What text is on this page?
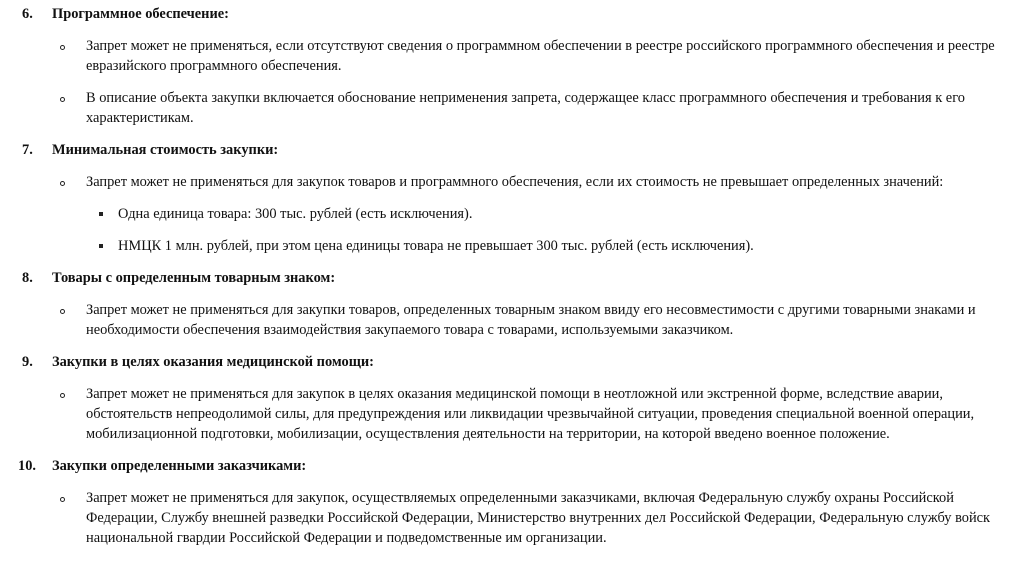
6.	Программное обеспечение:
Запрет может не применяться, если отсутствуют сведения о программном обеспечении в реестре российского программного обеспечения и реестре евразийского программного обеспечения.
В описание объекта закупки включается обоснование неприменения запрета, содержащее класс программного обеспечения и требования к его характеристикам.
7.	Минимальная стоимость закупки:
Запрет может не применяться для закупок товаров и программного обеспечения, если их стоимость не превышает определенных значений:
Одна единица товара: 300 тыс. рублей (есть исключения).
НМЦК 1 млн. рублей, при этом цена единицы товара не превышает 300 тыс. рублей (есть исключения).
8.	Товары с определенным товарным знаком:
Запрет может не применяться для закупки товаров, определенных товарным знаком ввиду его несовместимости с другими товарными знаками и необходимости обеспечения взаимодействия закупаемого товара с товарами, используемыми заказчиком.
9.	Закупки в целях оказания медицинской помощи:
Запрет может не применяться для закупок в целях оказания медицинской помощи в неотложной или экстренной форме, вследствие аварии, обстоятельств непреодолимой силы, для предупреждения или ликвидации чрезвычайной ситуации, проведения специальной военной операции, мобилизационной подготовки, мобилизации, осуществления деятельности на территории, на которой введено военное положение.
10.	Закупки определенными заказчиками:
Запрет может не применяться для закупок, осуществляемых определенными заказчиками, включая Федеральную службу охраны Российской Федерации, Службу внешней разведки Российской Федерации, Министерство внутренних дел Российской Федерации, Федеральную службу войск национальной гвардии Российской Федерации и подведомственные им организации.
